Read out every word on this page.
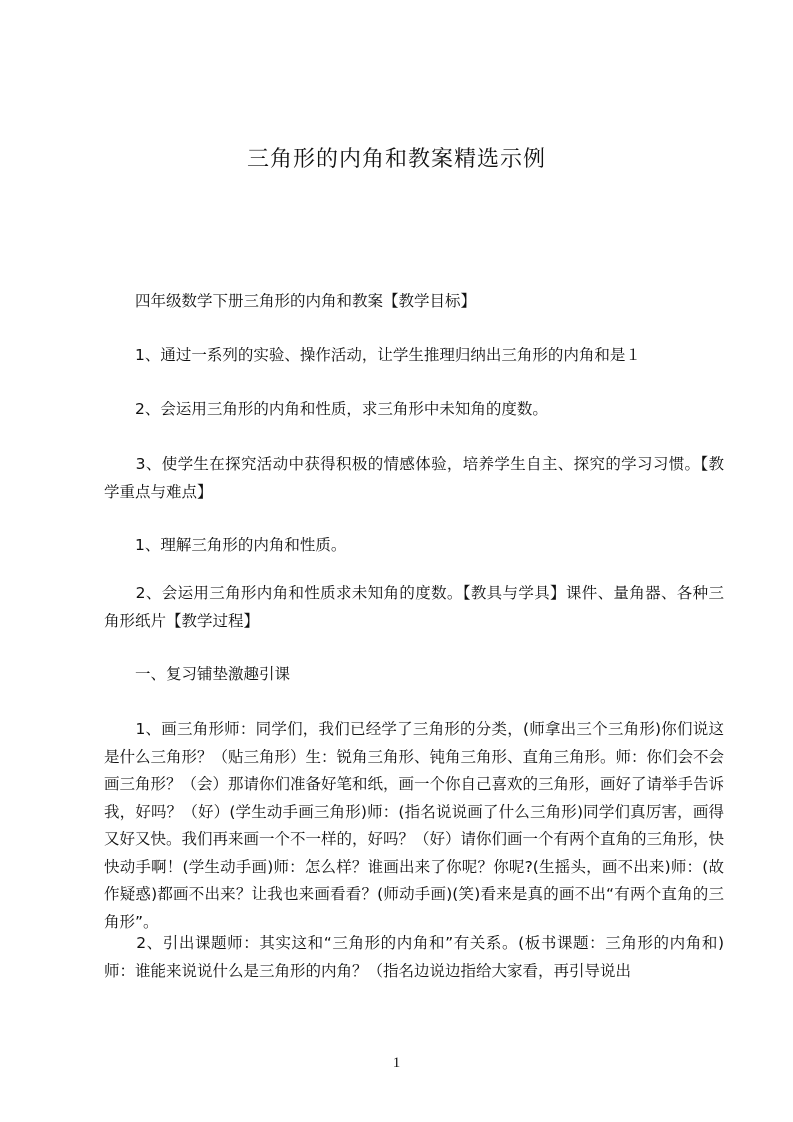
三角形的内角和教案精选示例

　　四年级数学下册三角形的内角和教案【教学目标】

　　1、通过一系列的实验、操作活动，让学生推理归纳出三角形的内角和是１

　　2、会运用三角形的内角和性质，求三角形中未知角的度数。

　　3、使学生在探究活动中获得积极的情感体验，培养学生自主、探究的学习习惯。【教学重点与难点】

　　1、理解三角形的内角和性质。

　　2、会运用三角形内角和性质求未知角的度数。【教具与学具】课件、量角器、各种三角形纸片【教学过程】

　　一、复习铺垫激趣引课

　　1、画三角形师：同学们，我们已经学了三角形的分类，(师拿出三个三角形)你们说这是什么三角形？（贴三角形）生：锐角三角形、钝角三角形、直角三角形。师：你们会不会画三角形？（会）那请你们准备好笔和纸，画一个你自己喜欢的三角形，画好了请举手告诉我，好吗？（好）(学生动手画三角形)师：(指名说说画了什么三角形)同学们真厉害，画得又好又快。我们再来画一个不一样的，好吗？（好）请你们画一个有两个直角的三角形，快快动手啊！(学生动手画)师：怎么样？谁画出来了你呢？你呢?(生摇头，画不出来)师：(故作疑惑)都画不出来？让我也来画看看？(师动手画)(笑)看来是真的画不出“有两个直角的三角形”。

　　2、引出课题师：其实这和“三角形的内角和”有关系。(板书课题：三角形的内角和)师：谁能来说说什么是三角形的内角？（指名边说边指给大家看，再引导说出

1
